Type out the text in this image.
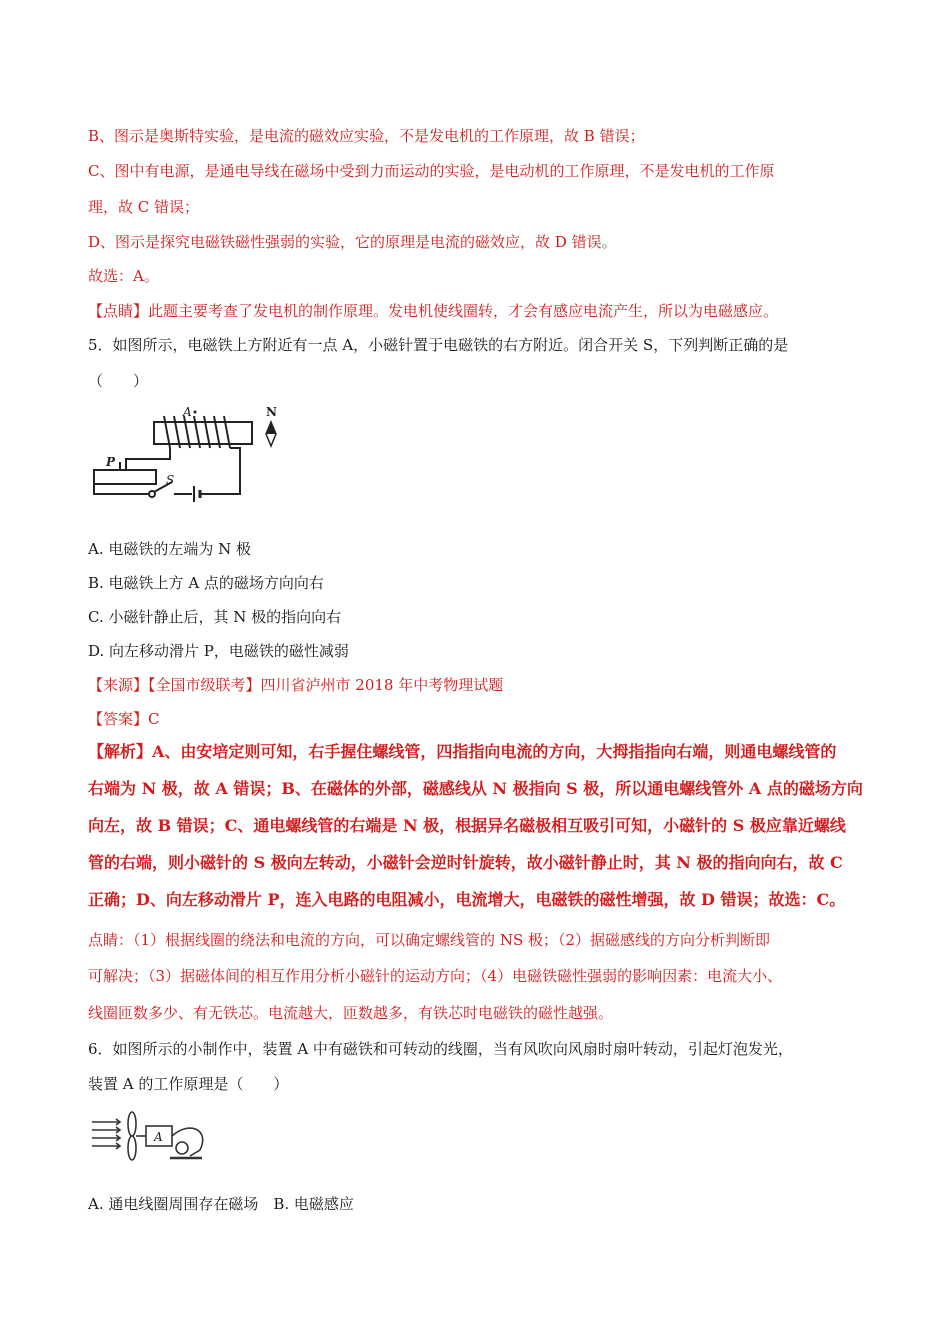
B、图示是奥斯特实验，是电流的磁效应实验，不是发电机的工作原理，故 B 错误；
C、图中有电源，是通电导线在磁场中受到力而运动的实验，是电动机的工作原理，不是发电机的工作原
理，故 C 错误；
D、图示是探究电磁铁磁性强弱的实验，它的原理是电流的磁效应，故 D 错误。
故选：A。
【点睛】此题主要考查了发电机的制作原理。发电机使线圈转，才会有感应电流产生，所以为电磁感应。
5．如图所示，电磁铁上方附近有一点 A，小磁针置于电磁铁的右方附近。闭合开关 S，下列判断正确的是
（　　）
A	N
P
S
A. 电磁铁的左端为 N 极
B. 电磁铁上方 A 点的磁场方向向右
C. 小磁针静止后，其 N 极的指向向右
D. 向左移动滑片 P，电磁铁的磁性减弱
【来源】【全国市级联考】四川省泸州市 2018 年中考物理试题
【答案】C
【解析】A、由安培定则可知，右手握住螺线管，四指指向电流的方向，大拇指指向右端，则通电螺线管的
右端为 N 极，故 A 错误；B、在磁体的外部，磁感线从 N 极指向 S 极，所以通电螺线管外 A 点的磁场方向
向左，故 B 错误；C、通电螺线管的右端是 N 极，根据异名磁极相互吸引可知，小磁针的 S 极应靠近螺线
管的右端，则小磁针的 S 极向左转动，小磁针会逆时针旋转，故小磁针静止时，其 N 极的指向向右，故 C
正确；D、向左移动滑片 P，连入电路的电阻减小，电流增大，电磁铁的磁性增强，故 D 错误；故选：C。
点睛：（1）根据线圈的绕法和电流的方向，可以确定螺线管的 NS 极；（2）据磁感线的方向分析判断即
可解决；（3）据磁体间的相互作用分析小磁针的运动方向；（4）电磁铁磁性强弱的影响因素：电流大小、
线圈匝数多少、有无铁芯。电流越大，匝数越多，有铁芯时电磁铁的磁性越强。
6．如图所示的小制作中，装置 A 中有磁铁和可转动的线圈，当有风吹向风扇时扇叶转动，引起灯泡发光，
装置 A 的工作原理是（　　）
A
A. 通电线圈周围存在磁场　B. 电磁感应
